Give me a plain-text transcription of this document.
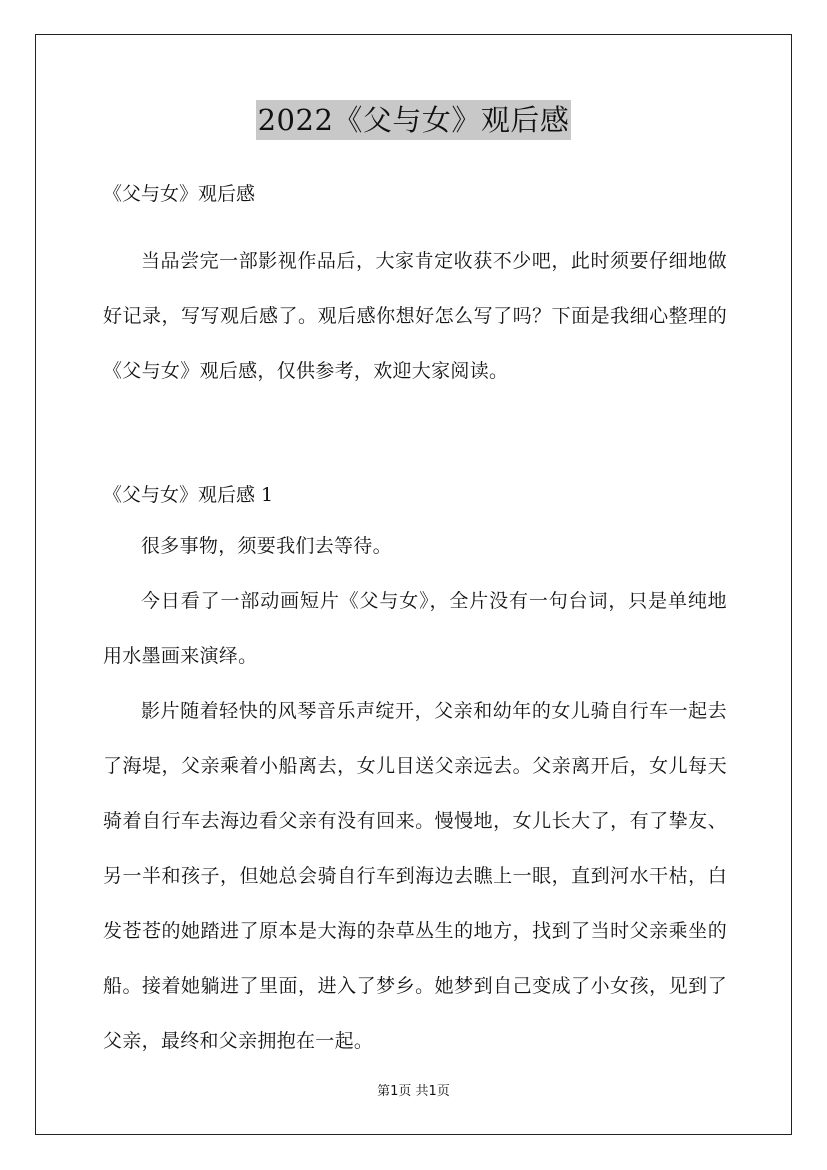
2022《父与女》观后感

《父与女》观后感

当品尝完一部影视作品后，大家肯定收获不少吧，此时须要仔细地做好记录，写写观后感了。观后感你想好怎么写了吗？下面是我细心整理的《父与女》观后感，仅供参考，欢迎大家阅读。

《父与女》观后感 1

很多事物，须要我们去等待。

今日看了一部动画短片《父与女》，全片没有一句台词，只是单纯地用水墨画来演绎。

影片随着轻快的风琴音乐声绽开，父亲和幼年的女儿骑自行车一起去了海堤，父亲乘着小船离去，女儿目送父亲远去。父亲离开后，女儿每天骑着自行车去海边看父亲有没有回来。慢慢地，女儿长大了，有了挚友、另一半和孩子，但她总会骑自行车到海边去瞧上一眼，直到河水干枯，白发苍苍的她踏进了原本是大海的杂草丛生的地方，找到了当时父亲乘坐的船。接着她躺进了里面，进入了梦乡。她梦到自己变成了小女孩，见到了父亲，最终和父亲拥抱在一起。

第1页 共1页
